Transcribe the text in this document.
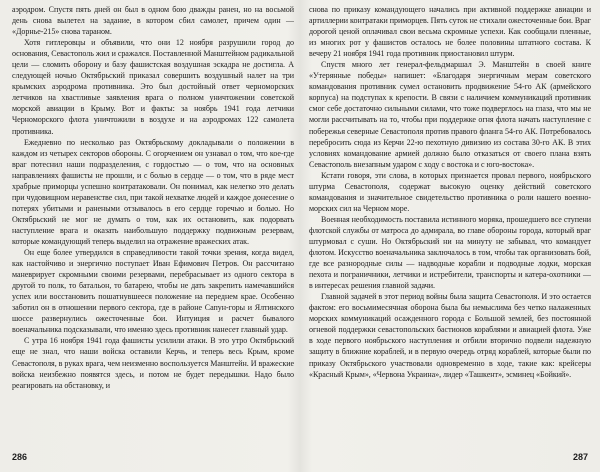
аэродром. Спустя пять дней он был в одном бою дважды ранен, но на восьмой день снова вылетел на задание, в котором сбил самолет, причем один — «Дорнье-215» снова тараном.

Хотя гитлеровцы и объявили, что они 12 ноября разрушили город до основания, Севастополь жил и сражался. Поставленной Манштейном радикальной цели — сломить оборону и базу фашистская воздушная эскадра не достигла. А следующей ночью Октябрьский приказал совершить воздушный налет на три крымских аэродрома противника. Это был достойный ответ черноморских летчиков на хвастливые заявления врага о полном уничтожении советской морской авиации в Крыму. Вот и факты: за ноябрь 1941 года летчики Черноморского флота уничтожили в воздухе и на аэродромах 122 самолета противника.

Ежедневно по несколько раз Октябрьскому докладывали о положении в каждом из четырех секторов обороны. С огорчением он узнавал о том, что кое-где враг потеснил наши подразделения, с гордостью — о том, что на основных направлениях фашисты не прошли, и с болью в сердце — о том, что в ряде мест храбрые приморцы успешно контратаковали. Он понимал, как нелегко это делать при чудовищном неравенстве сил, при такой нехватке людей и каждое донесение о потерях убитыми и ранеными отзывалось в его сердце горечью и болью. Но Октябрьский не мог не думать о том, как их остановить, как подорвать наступление врага и оказать наибольшую поддержку подвижным резервам, которые командующий теперь выделил на отражение вражеских атак.

Он еще более утвердился в справедливости такой точки зрения, когда видел, как настойчиво и энергично поступает Иван Ефимович Петров. Он рассчитано маневрирует скромными своими резервами, перебрасывает из одного сектора в другой то полк, то батальон, то батарею, чтобы не дать закрепить намечавшийся успех или восстановить пошатнувшееся положение на переднем крае. Особенно заботил он в отношении первого сектора, где в районе Сапун-горы и Ялтинского шоссе развернулись ожесточенные бои. Интуиция и расчет бывалого военачальника подсказывали, что именно здесь противник нанесет главный удар.

С утра 16 ноября 1941 года фашисты усилили атаки. В это утро Октябрьский еще не знал, что наши войска оставили Керчь, и теперь весь Крым, кроме Севастополя, в руках врага, чем неизменно воспользуется Манштейн. И вражеские войска неизбежно появятся здесь, и потом не будет передышки. Надо было реагировать на обстановку, и

снова по приказу командующего начались при активной поддержке авиации и артиллерии контратаки приморцев. Пять суток не стихали ожесточенные бои. Враг дорогой ценой оплачивал свои весьма скромные успехи. Как сообщали пленные, из многих рот у фашистов осталось не более половины штатного состава. К вечеру 21 ноября 1941 года противник приостановил штурм.

Спустя много лет генерал-фельдмаршал Э. Манштейн в своей книге «Утерянные победы» напишет: «Благодаря энергичным мерам советского командования противник сумел остановить продвижение 54-го АК (армейского корпуса) на подступах к крепости. В связи с наличием коммуникаций противник смог себе достаточно сильными силами, что тоже подверглось на глаза, что мы не могли рассчитывать на то, чтобы при поддержке огня флота начать наступление с побережья северные Севастополя против правого фланга 54-го АК. Потребовалось перебросить сюда из Керчи 22-ю пехотную дивизию из состава 30-го АК. В этих условиях командование армией должно было отказаться от своего плана взять Севастополь внезапным ударом с ходу с востока и с юго-востока».

Кстати говоря, эти слова, в которых признается провал первого, ноябрьского штурма Севастополя, содержат высокую оценку действий советского командования и значительное свидетельство противника о роли нашего военно-морских сил на Черном море.

Военная необходимость поставила истинного моряка, прошедшего все ступени флотской службы от матроса до адмирала, во главе обороны города, который враг штурмовал с суши. Но Октябрьский ни на минуту не забывал, что командует флотом. Искусство военачальника заключалось в том, чтобы так организовать бой, где все разнородные силы — надводные корабли и подводные лодки, морская пехота и пограничники, летчики и истребители, транспорты и катера-охотники — в интересах решения главной задачи.

Главной задачей в этот период войны была защита Севастополя. И это остается фактом: его восьмимесячная оборона была бы немыслима без четко налаженных морских коммуникаций осажденного города с Большой землей, без постоянной огневой поддержки севастопольских бастионов кораблями и авиацией флота. Уже в ходе первого ноябрьского наступления и отбили вторично подвели надежную защиту в ближние кораблей, и в первую очередь отряд кораблей, которые были по приказу Октябрьского участвовали одновременно в ходе, такие как: крейсеры «Красный Крым», «Червона Украина», лидер «Ташкент», эсминец «Бойкий».

286	287
